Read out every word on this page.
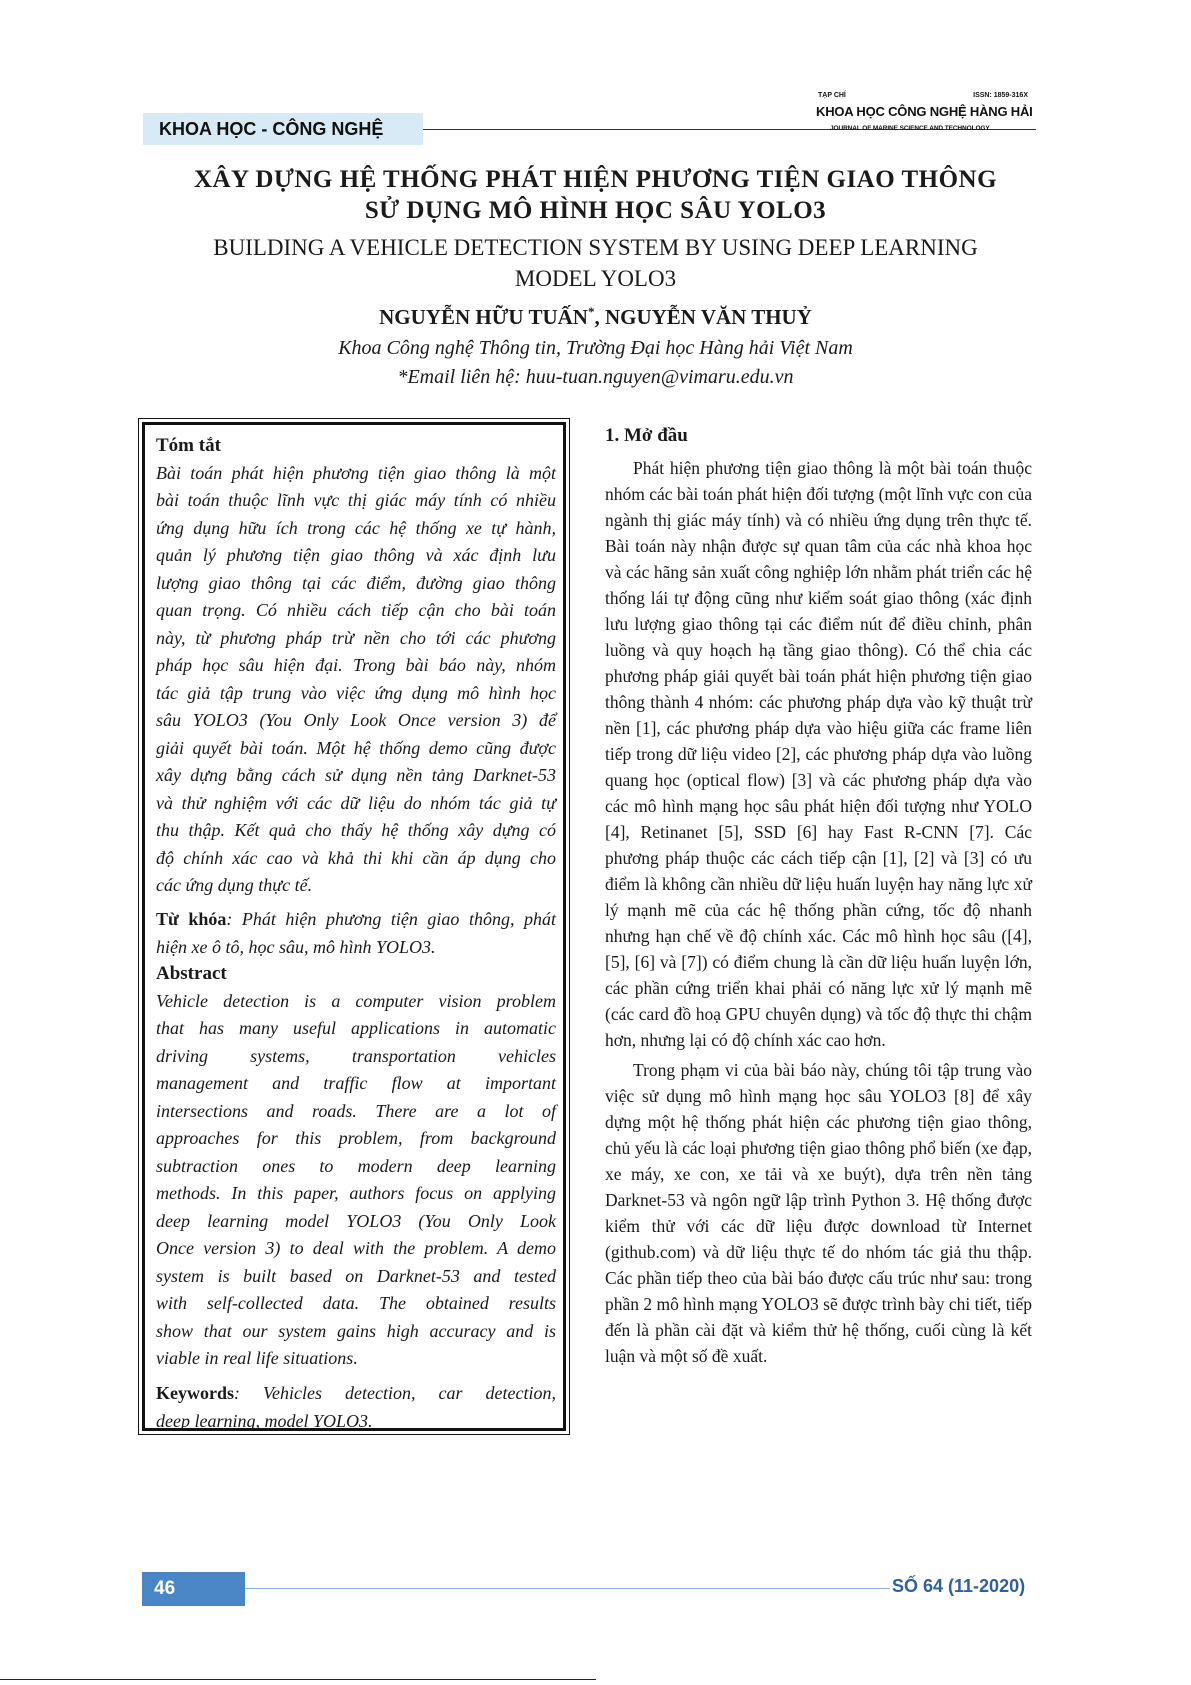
KHOA HỌC - CÔNG NGHỆ
TẠP CHÍ	ISSN: 1859-316X
KHOA HỌC CÔNG NGHỆ HÀNG HẢI
JOURNAL OF MARINE SCIENCE AND TECHNOLOGY
XÂY DỰNG HỆ THỐNG PHÁT HIỆN PHƯƠNG TIỆN GIAO THÔNG
SỬ DỤNG MÔ HÌNH HỌC SÂU YOLO3
BUILDING A VEHICLE DETECTION SYSTEM BY USING DEEP LEARNING
MODEL YOLO3
NGUYỄN HỮU TUẤN*, NGUYỄN VĂN THUỶ
Khoa Công nghệ Thông tin, Trường Đại học Hàng hải Việt Nam
*Email liên hệ: huu-tuan.nguyen@vimaru.edu.vn
Tóm tắt
Bài toán phát hiện phương tiện giao thông là một
bài toán thuộc lĩnh vực thị giác máy tính có nhiều
ứng dụng hữu ích trong các hệ thống xe tự hành,
quản lý phương tiện giao thông và xác định lưu
lượng giao thông tại các điểm, đường giao thông
quan trọng. Có nhiều cách tiếp cận cho bài toán
này, từ phương pháp trừ nền cho tới các phương
pháp học sâu hiện đại. Trong bài báo này, nhóm
tác giả tập trung vào việc ứng dụng mô hình học
sâu YOLO3 (You Only Look Once version 3) để
giải quyết bài toán. Một hệ thống demo cũng được
xây dựng bằng cách sử dụng nền tảng Darknet-53
và thử nghiệm với các dữ liệu do nhóm tác giả tự
thu thập. Kết quả cho thấy hệ thống xây dựng có
độ chính xác cao và khả thi khi cần áp dụng cho
các ứng dụng thực tế.
Từ khóa: Phát hiện phương tiện giao thông, phát
hiện xe ô tô, học sâu, mô hình YOLO3.
Abstract
Vehicle detection is a computer vision problem
that has many useful applications in automatic
driving systems, transportation vehicles
management and traffic flow at important
intersections and roads. There are a lot of
approaches for this problem, from background
subtraction ones to modern deep learning
methods. In this paper, authors focus on applying
deep learning model YOLO3 (You Only Look
Once version 3) to deal with the problem. A demo
system is built based on Darknet-53 and tested
with self-collected data. The obtained results
show that our system gains high accuracy and is
viable in real life situations.
Keywords: Vehicles detection, car detection,
deep learning, model YOLO3.
1. Mở đầu

Phát hiện phương tiện giao thông là một bài toán thuộc nhóm các bài toán phát hiện đối tượng (một lĩnh vực con của ngành thị giác máy tính) và có nhiều ứng dụng trên thực tế. Bài toán này nhận được sự quan tâm của các nhà khoa học và các hãng sản xuất công nghiệp lớn nhằm phát triển các hệ thống lái tự động cũng như kiểm soát giao thông (xác định lưu lượng giao thông tại các điểm nút để điều chỉnh, phân luồng và quy hoạch hạ tầng giao thông). Có thể chia các phương pháp giải quyết bài toán phát hiện phương tiện giao thông thành 4 nhóm: các phương pháp dựa vào kỹ thuật trừ nền [1], các phương pháp dựa vào hiệu giữa các frame liên tiếp trong dữ liệu video [2], các phương pháp dựa vào luồng quang học (optical flow) [3] và các phương pháp dựa vào các mô hình mạng học sâu phát hiện đối tượng như YOLO [4], Retinanet [5], SSD [6] hay Fast R-CNN [7]. Các phương pháp thuộc các cách tiếp cận [1], [2] và [3] có ưu điểm là không cần nhiều dữ liệu huấn luyện hay năng lực xử lý mạnh mẽ của các hệ thống phần cứng, tốc độ nhanh nhưng hạn chế về độ chính xác. Các mô hình học sâu ([4], [5], [6] và [7]) có điểm chung là cần dữ liệu huấn luyện lớn, các phần cứng triển khai phải có năng lực xử lý mạnh mẽ (các card đồ hoạ GPU chuyên dụng) và tốc độ thực thi chậm hơn, nhưng lại có độ chính xác cao hơn.

Trong phạm vi của bài báo này, chúng tôi tập trung vào việc sử dụng mô hình mạng học sâu YOLO3 [8] để xây dựng một hệ thống phát hiện các phương tiện giao thông, chủ yếu là các loại phương tiện giao thông phổ biến (xe đạp, xe máy, xe con, xe tải và xe buýt), dựa trên nền tảng Darknet-53 và ngôn ngữ lập trình Python 3. Hệ thống được kiểm thử với các dữ liệu được download từ Internet (github.com) và dữ liệu thực tế do nhóm tác giả thu thập. Các phần tiếp theo của bài báo được cấu trúc như sau: trong phần 2 mô hình mạng YOLO3 sẽ được trình bày chi tiết, tiếp đến là phần cài đặt và kiểm thử hệ thống, cuối cùng là kết luận và một số đề xuất.

46	SỐ 64 (11-2020)
